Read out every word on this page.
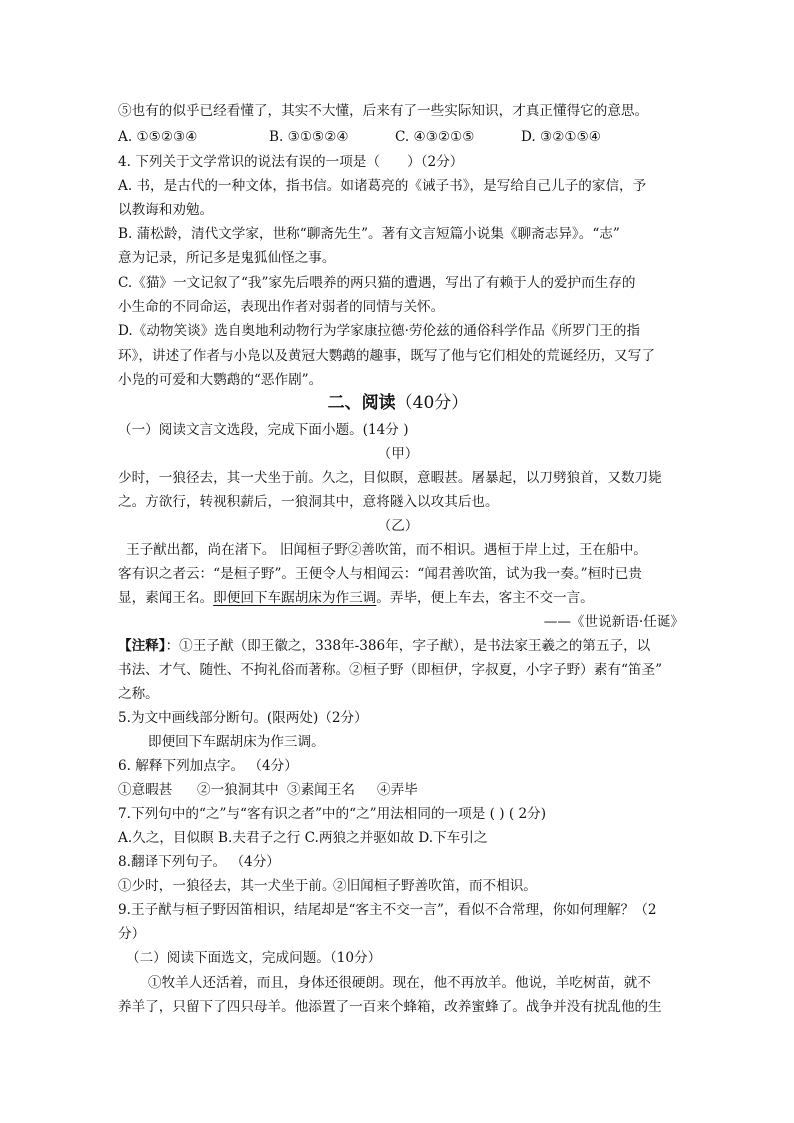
⑤也有的似乎已经看懂了，其实不大懂，后来有了一些实际知识，才真正懂得它的意思。
A. ①⑤②③④	B. ③①⑤②④	C. ④③②①⑤	D. ③②①⑤④
4. 下列关于文学常识的说法有误的一项是（　　）（2分）
A. 书，是古代的一种文体，指书信。如诸葛亮的《诫子书》，是写给自己儿子的家信，予
以教诲和劝勉。
B. 蒲松龄，清代文学家，世称“聊斋先生”。著有文言短篇小说集《聊斋志异》。“志”
意为记录，所记多是鬼狐仙怪之事。
C.《猫》一文记叙了“我”家先后喂养的两只猫的遭遇，写出了有赖于人的爱护而生存的
小生命的不同命运，表现出作者对弱者的同情与关怀。
D.《动物笑谈》选自奥地利动物行为学家康拉德·劳伦兹的通俗科学作品《所罗门王的指
环》，讲述了作者与小凫以及黄冠大鹦鹉的趣事，既写了他与它们相处的荒诞经历，又写了
小凫的可爱和大鹦鹉的“恶作剧”。
二、阅读（40分）
（一）阅读文言文选段，完成下面小题。(14分 )
（甲）
少时，一狼径去，其一犬坐于前。久之，目似瞑，意暇甚。屠暴起，以刀劈狼首，又数刀毙
之。方欲行，转视积薪后，一狼洞其中，意将隧入以攻其后也。
（乙）
王子猷出都，尚在渚下。 旧闻桓子野②善吹笛，而不相识。遇桓于岸上过，王在船中。
客有识之者云：“是桓子野”。王便令人与相闻云：“闻君善吹笛，试为我一奏。”桓时已贵
显，素闻王名。即便回下车踞胡床为作三调。弄毕，便上车去，客主不交一言。
——《世说新语·任诞》
【注释】：①王子猷（即王徽之，338年-386年，字子猷），是书法家王羲之的第五子，以
书法、才气、随性、不拘礼俗而著称。②桓子野（即桓伊，字叔夏，小字子野）素有“笛圣”
之称。
5.为文中画线部分断句。(限两处)（2分）
即便回下车踞胡床为作三调。
6. 解释下列加点字。 （4分）
①意暇甚 ②一狼洞其中 ③素闻王名 ④弄毕
7.下列句中的“之”与“客有识之者”中的“之”用法相同的一项是 ( ) ( 2分)
A.久之，目似瞑 B.夫君子之行 C.两狼之并驱如故 D.下车引之
8.翻译下列句子。 （4分）
①少时，一狼径去，其一犬坐于前。②旧闻桓子野善吹笛，而不相识。
9.王子猷与桓子野因笛相识，结尾却是“客主不交一言”，看似不合常理，你如何理解？（2
分）
（二）阅读下面选文，完成问题。（10分）
①牧羊人还活着，而且，身体还很硬朗。现在，他不再放羊。他说，羊吃树苗，就不
养羊了，只留下了四只母羊。他添置了一百来个蜂箱，改养蜜蜂了。战争并没有扰乱他的生
